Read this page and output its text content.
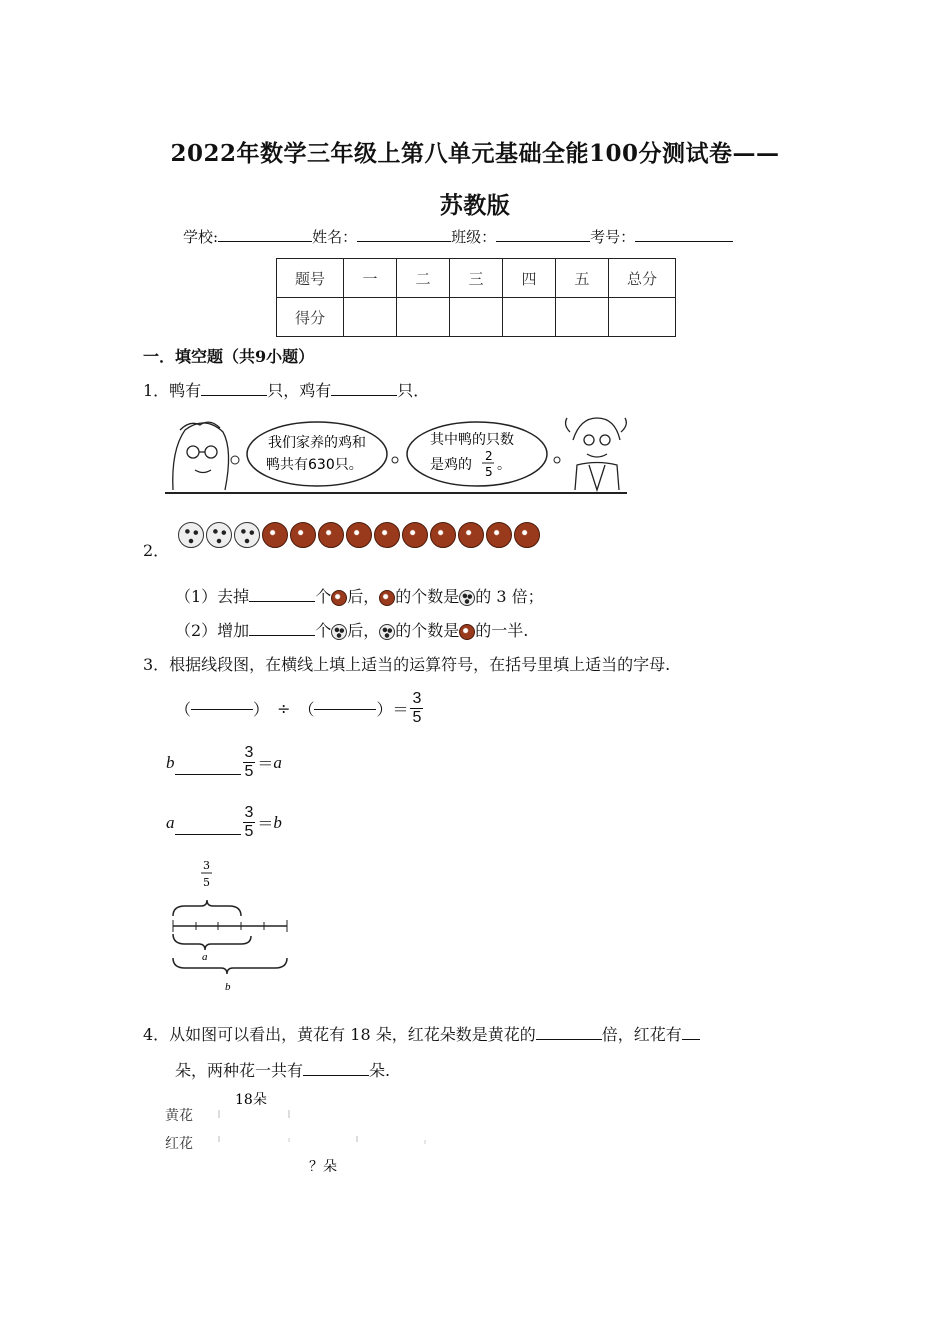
2022年数学三年级上第八单元基础全能100分测试卷——
苏教版
学校:	姓名：	班级：	考号：
题号	一	二	三	四	五	总分
得分						
一．填空题（共9小题）
1．鸭有	只，鸡有	只．
我们家养的鸡和
鸭共有630只。
其中鸭的只数
是鸡的
2
5 。
2．
（1）去掉	个 后， 的个数是 的 3 倍；
（2）增加	个 后， 的个数是 的一半.
3．根据线段图，在横线上填上适当的运算符号，在括号里填上适当的字母.
（	） ÷ （	） ＝ $\frac{3}{5}$
b	$\frac{3}{5} = a$
a	$\frac{3}{5} = b$
3
5
a
b
4．从如图可以看出，黄花有 18 朵，红花朵数是黄花的	倍，红花有
朵，两种花一共有	朵.
18朵
黄花
红花
？朵
